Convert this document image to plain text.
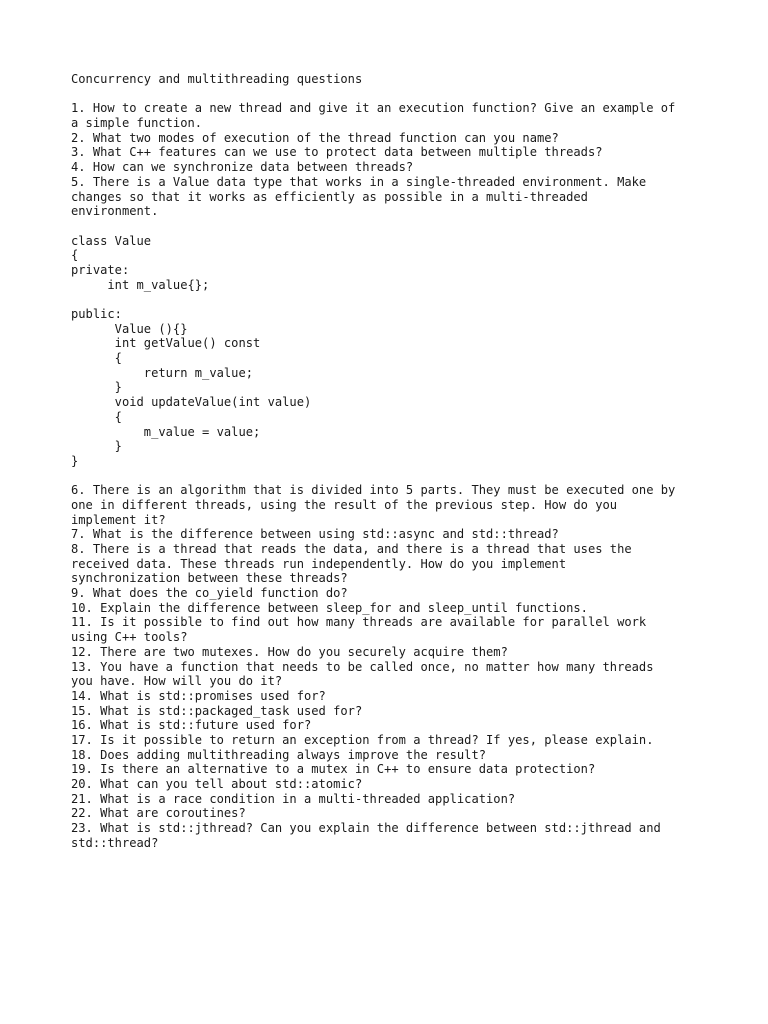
Concurrency and multithreading questions
1. How to create a new thread and give it an execution function? Give an example of
a simple function.
2. What two modes of execution of the thread function can you name?
3. What C++ features can we use to protect data between multiple threads?
4. How can we synchronize data between threads?
5. There is a Value data type that works in a single-threaded environment. Make
changes so that it works as efficiently as possible in a multi-threaded
environment.
class Value
{
private:
int m_value{};
public:
Value (){}
int getValue() const
{
return m_value;
}
void updateValue(int value)
{
m_value = value;
}
}
6. There is an algorithm that is divided into 5 parts. They must be executed one by
one in different threads, using the result of the previous step. How do you
implement it?
7. What is the difference between using std::async and std::thread?
8. There is a thread that reads the data, and there is a thread that uses the
received data. These threads run independently. How do you implement
synchronization between these threads?
9. What does the co_yield function do?
10. Explain the difference between sleep_for and sleep_until functions.
11. Is it possible to find out how many threads are available for parallel work
using C++ tools?
12. There are two mutexes. How do you securely acquire them?
13. You have a function that needs to be called once, no matter how many threads
you have. How will you do it?
14. What is std::promises used for?
15. What is std::packaged_task used for?
16. What is std::future used for?
17. Is it possible to return an exception from a thread? If yes, please explain.
18. Does adding multithreading always improve the result?
19. Is there an alternative to a mutex in C++ to ensure data protection?
20. What can you tell about std::atomic?
21. What is a race condition in a multi-threaded application?
22. What are coroutines?
23. What is std::jthread? Can you explain the difference between std::jthread and
std::thread?
